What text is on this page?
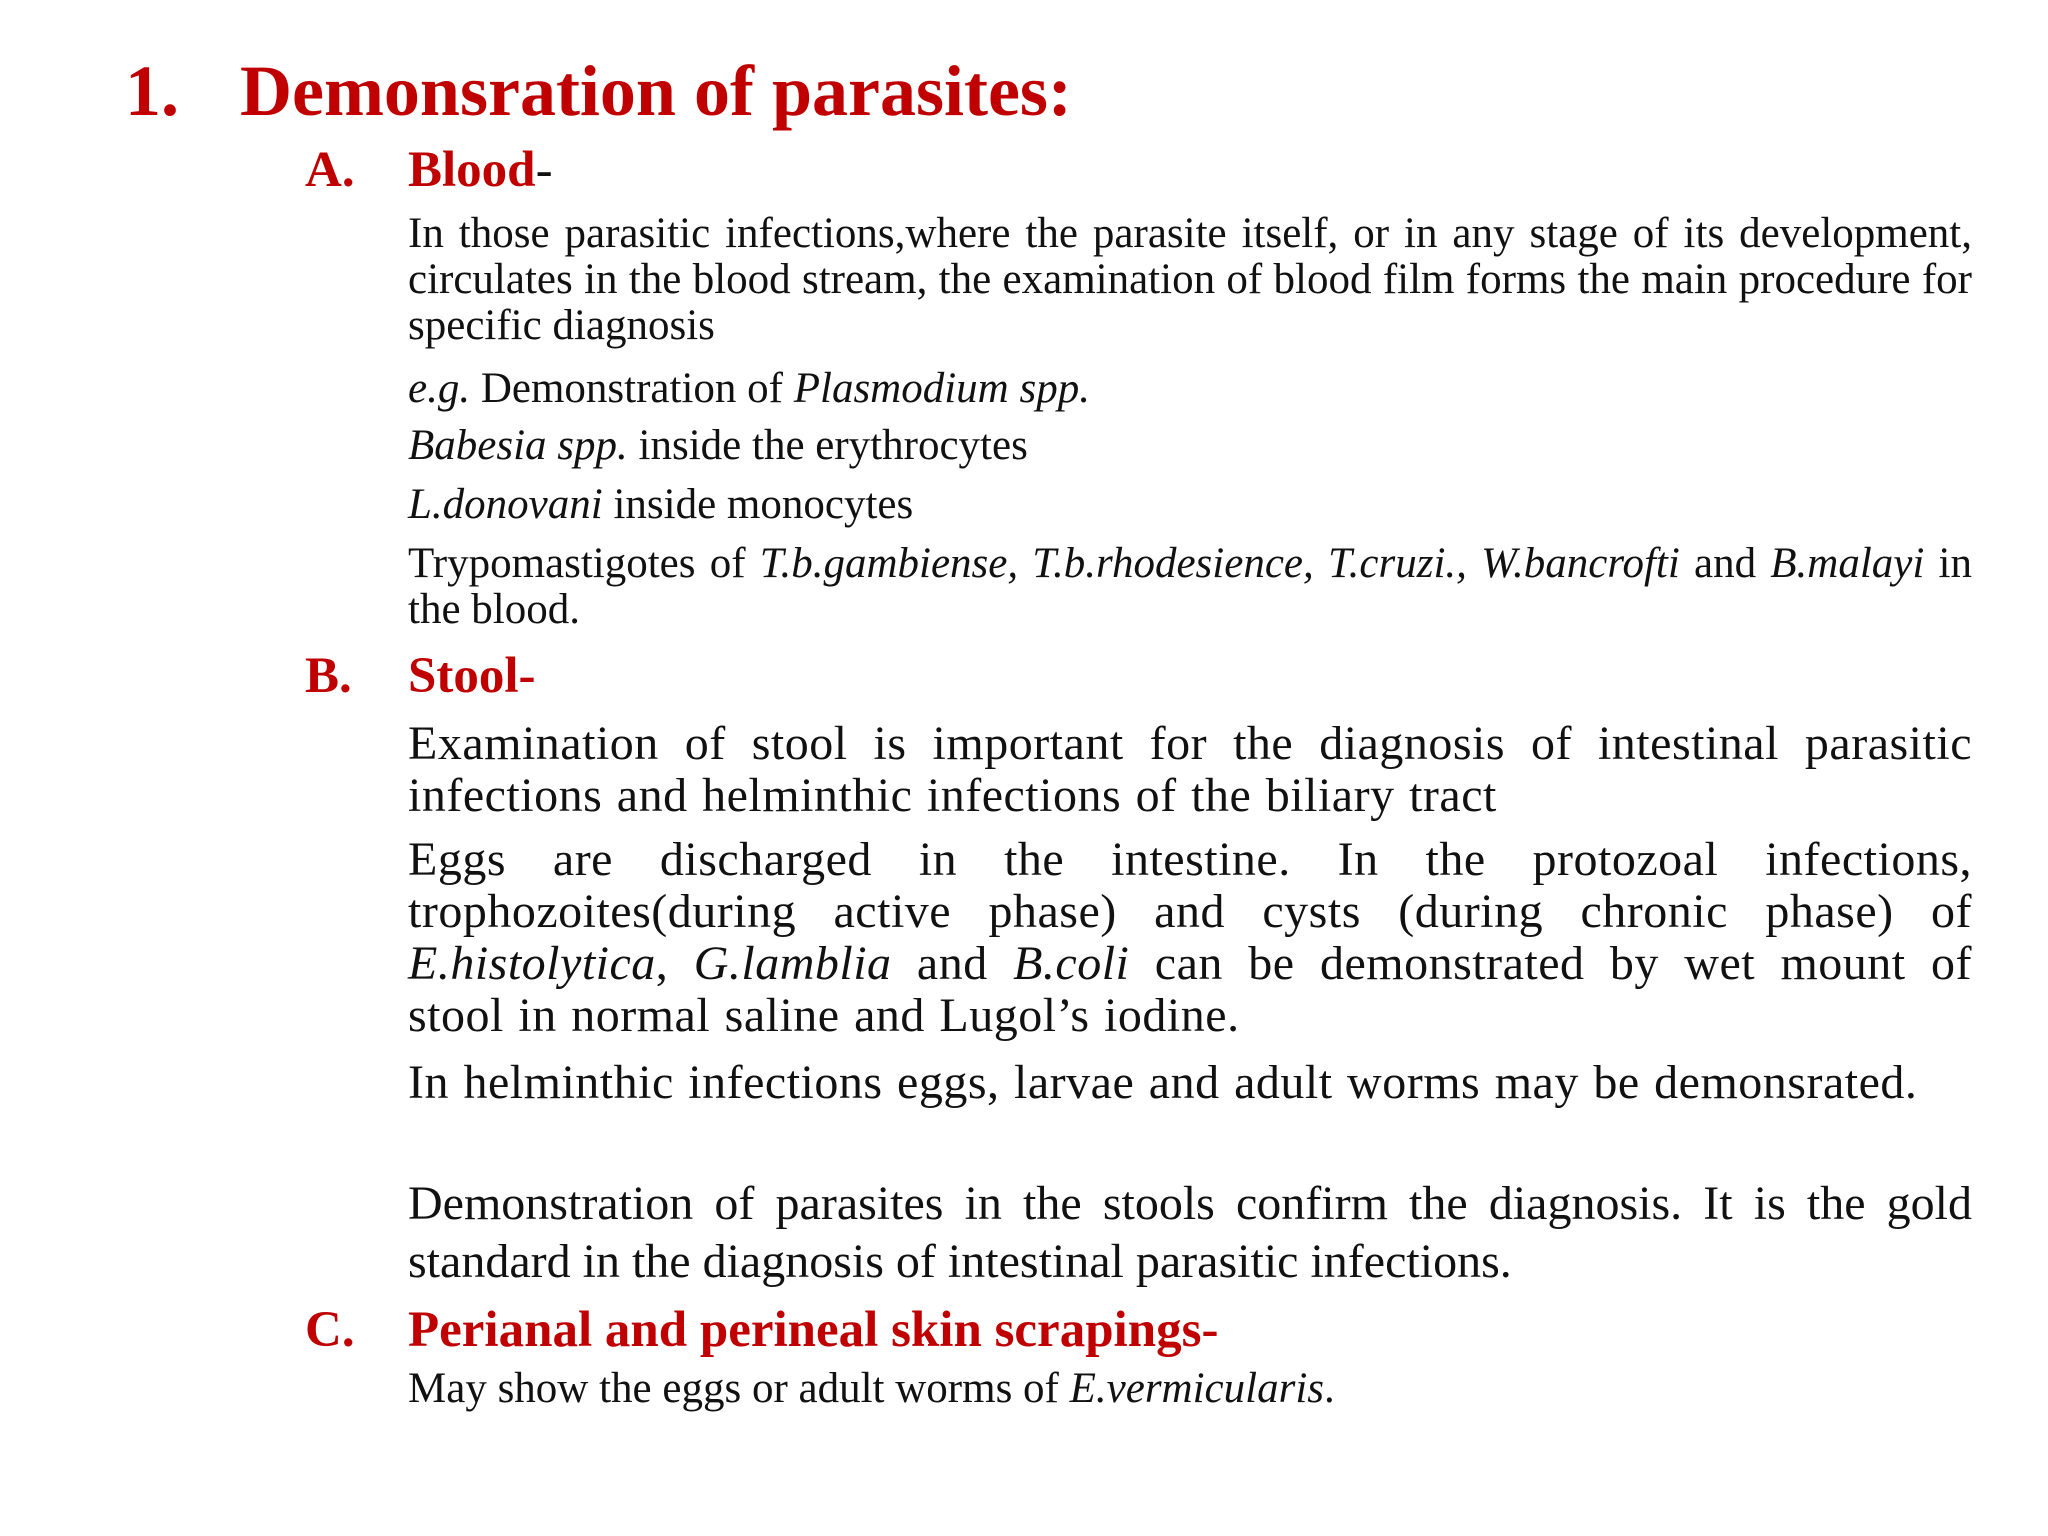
1. Demonsration of parasites:
A. Blood-
In those parasitic infections,where the parasite itself, or in any stage of its development, circulates in the blood stream, the examination of blood film forms the main procedure for specific diagnosis
e.g. Demonstration of Plasmodium spp.
Babesia spp. inside the erythrocytes
L.donovani inside monocytes
Trypomastigotes of T.b.gambiense, T.b.rhodesience, T.cruzi., W.bancrofti and B.malayi in the blood.
B. Stool-
Examination of stool is important for the diagnosis of intestinal parasitic infections and helminthic infections of the biliary tract
Eggs are discharged in the intestine. In the protozoal infections, trophozoites(during active phase) and cysts (during chronic phase) of E.histolytica, G.lamblia and B.coli can be demonstrated by wet mount of stool in normal saline and Lugol’s iodine.
In helminthic infections eggs, larvae and adult worms may be demonsrated.
Demonstration of parasites in the stools confirm the diagnosis. It is the gold standard in the diagnosis of intestinal parasitic infections.
C. Perianal and perineal skin scrapings-
May show the eggs or adult worms of E.vermicularis.
